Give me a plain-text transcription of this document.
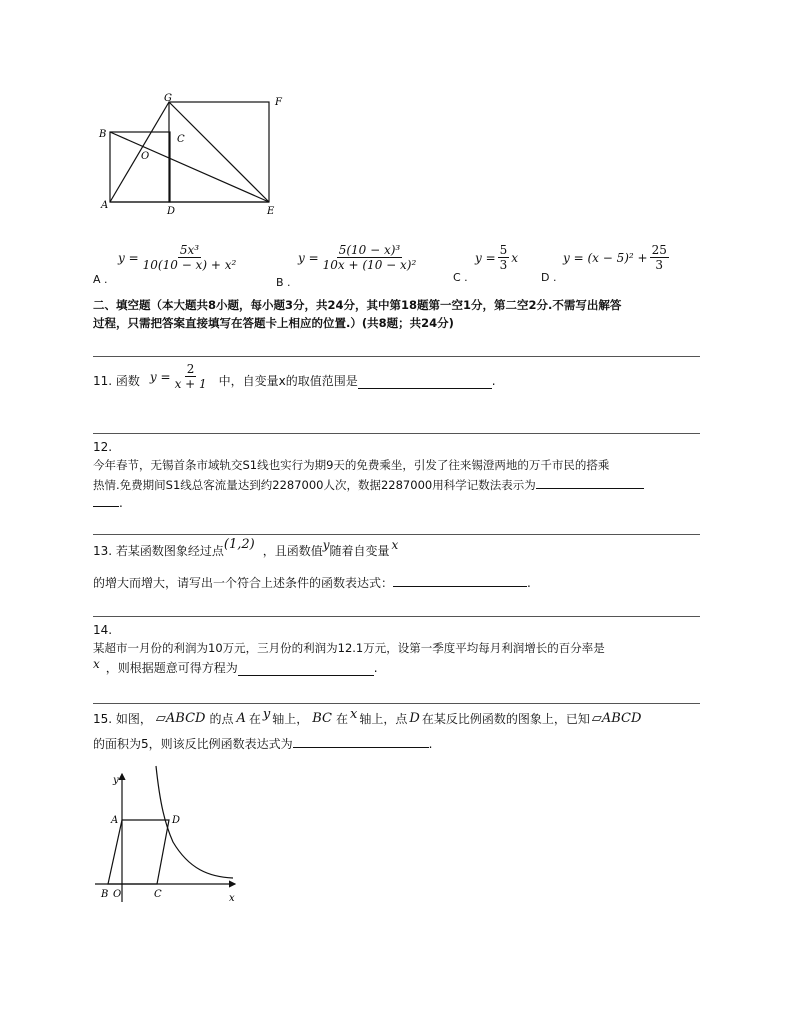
G	F
B	C
O
A
D	E
A .
$y = \frac{\text{5x³}}{\text{10(10 − x) + x²}}$
B .
$y = \frac{\text{5(10 − x)³}}{\text{10x + (10 − x)²}}$
C .
$y = \frac{5}{3}$ x
D .
$y = (x - 5)^2 + \frac{25}{3}$
二、填空题（本大题共8小题，每小题3分，共24分，其中第18题第一空1分，第二空2分.不需写出解答
过程，只需把答案直接填写在答题卡上相应的位置.）(共8题；共24分)
11. 函数 $y = \frac{2}{x + 1}$ 中，自变量x的取值范围是	.
12.
今年春节，无锡首条市域轨交S1线也实行为期9天的免费乘坐，引发了往来锡澄两地的万千市民的搭乘
热情.免费期间S1线总客流量达到约2287000人次，数据2287000用科学记数法表示为
.
13. 若某函数图象经过点 (1,2) ，且函数值 y 随着自变量 x
的增大而增大，请写出一个符合上述条件的函数表达式：	.
14.
某超市一月份的利润为10万元，三月份的利润为12.1万元，设第一季度平均每月利润增长的百分率是
x ，则根据题意可得方程为	.
15. 如图， ▱ABCD 的点 A 在 y 轴上， BC 在 x 轴上，点 D 在某反比例函数的图象上，已知 ▱ABCD
的面积为5，则该反比例函数表达式为	.
y
A	D
B O	C	x
